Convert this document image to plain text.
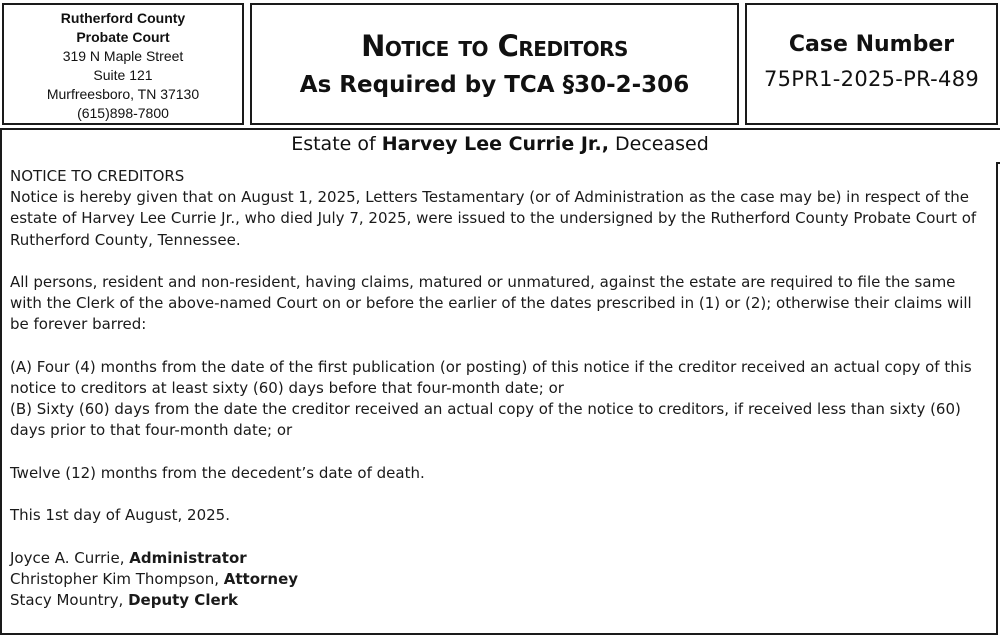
Rutherford County
Probate Court
319 N Maple Street
Suite 121
Murfreesboro, TN 37130
(615)898-7800
Notice to Creditors
As Required by TCA §30-2-306
Case Number
75PR1-2025-PR-489
Estate of Harvey Lee Currie Jr., Deceased

NOTICE TO CREDITORS

Notice is hereby given that on August 1, 2025, Letters Testamentary (or of Administration as the case may be) in respect of the estate of Harvey Lee Currie Jr., who died July 7, 2025, were issued to the undersigned by the Rutherford County Probate Court of Rutherford County, Tennessee.

All persons, resident and non-resident, having claims, matured or unmatured, against the estate are required to file the same with the Clerk of the above-named Court on or before the earlier of the dates prescribed in (1) or (2); otherwise their claims will be forever barred:

(A) Four (4) months from the date of the first publication (or posting) of this notice if the creditor received an actual copy of this notice to creditors at least sixty (60) days before that four-month date; or

(B) Sixty (60) days from the date the creditor received an actual copy of the notice to creditors, if received less than sixty (60) days prior to that four-month date; or

Twelve (12) months from the decedent’s date of death.

This 1st day of August, 2025.

Joyce A. Currie, Administrator

Christopher Kim Thompson, Attorney

Stacy Mountry, Deputy Clerk
